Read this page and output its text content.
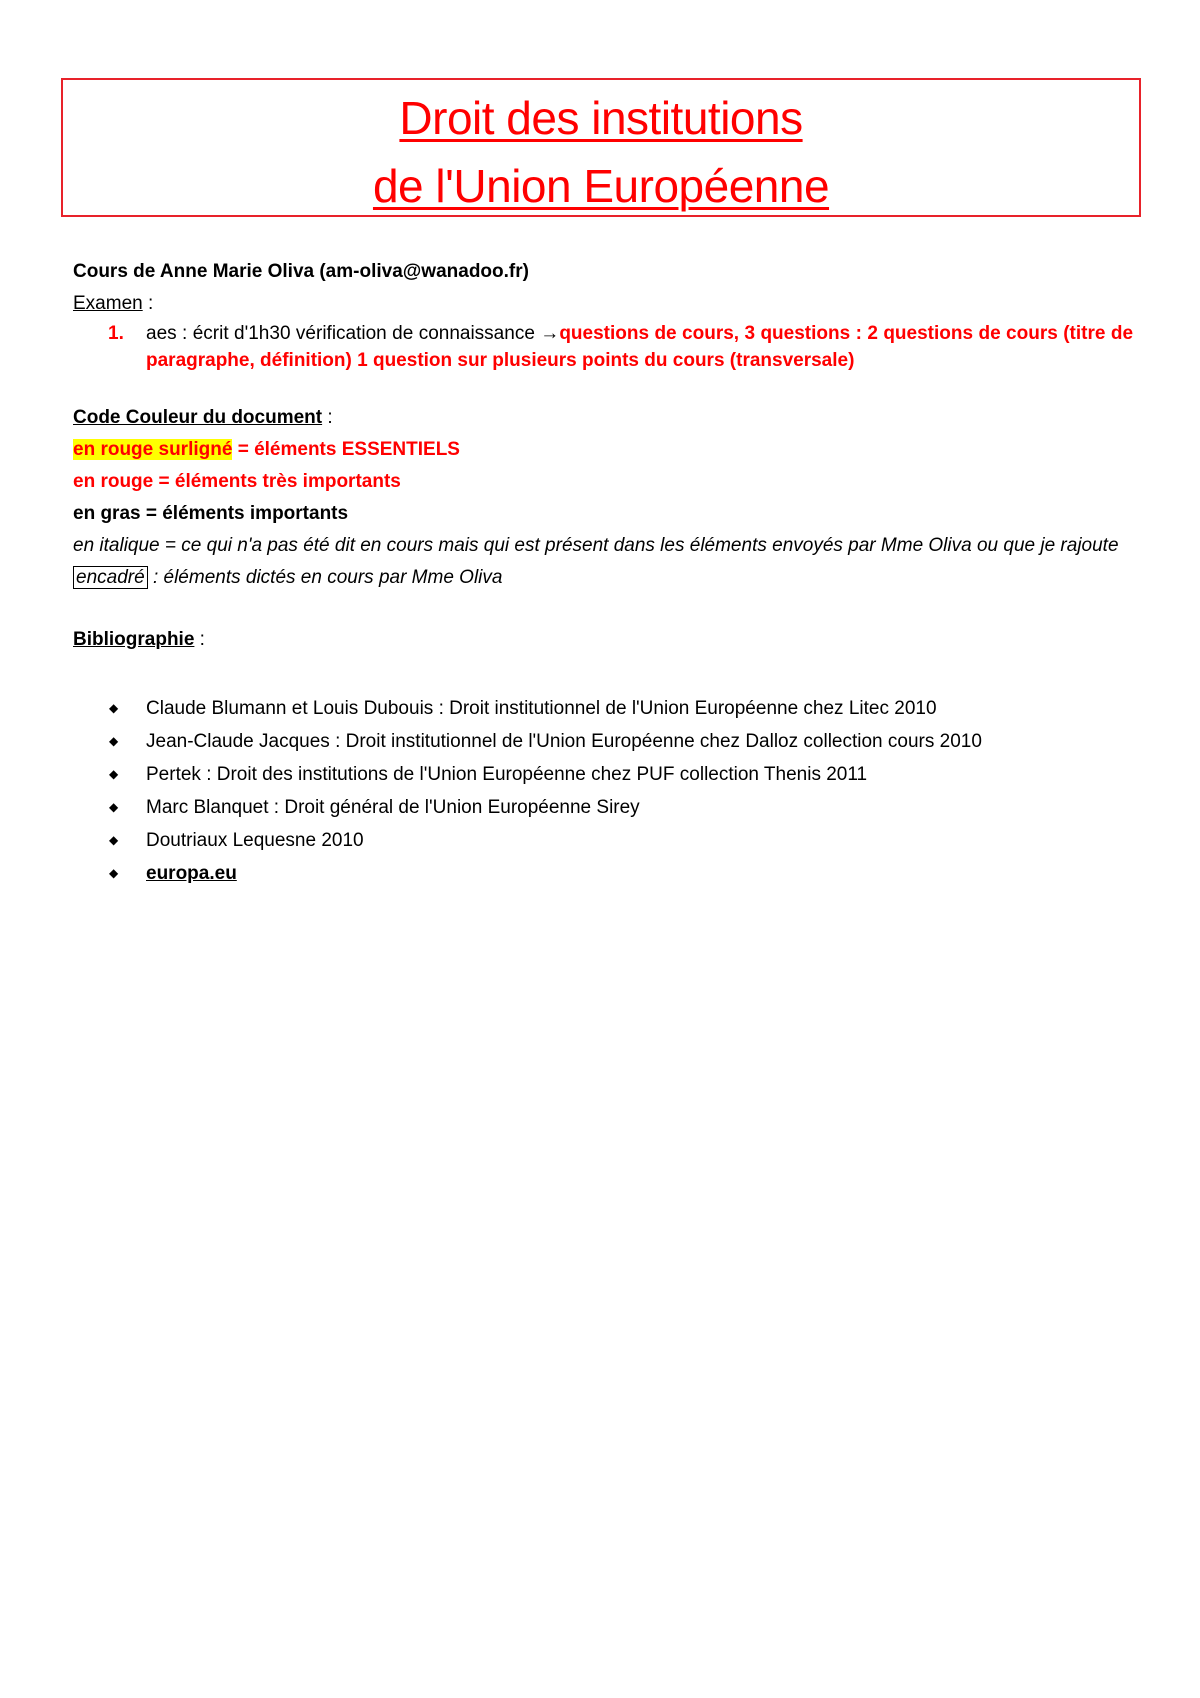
Droit des institutions
de l'Union Européenne
Cours de Anne Marie Oliva (am-oliva@wanadoo.fr)
Examen :
1. aes : écrit d'1h30 vérification de connaissance →questions de cours, 3 questions : 2 questions de cours (titre de paragraphe, définition) 1 question sur plusieurs points du cours (transversale)
Code Couleur du document :
en rouge surligné = éléments ESSENTIELS
en rouge = éléments très importants
en gras = éléments importants
en italique = ce qui n'a pas été dit en cours mais qui est présent dans les éléments envoyés par Mme Oliva ou que je rajoute
encadré : éléments dictés en cours par Mme Oliva
Bibliographie :
◆ Claude Blumann et Louis Dubouis : Droit institutionnel de l'Union Européenne chez Litec 2010
◆ Jean-Claude Jacques : Droit institutionnel de l'Union Européenne chez Dalloz collection cours 2010
◆ Pertek : Droit des institutions de l'Union Européenne chez PUF collection Thenis 2011
◆ Marc Blanquet : Droit général de l'Union Européenne Sirey
◆ Doutriaux Lequesne 2010
◆ europa.eu
